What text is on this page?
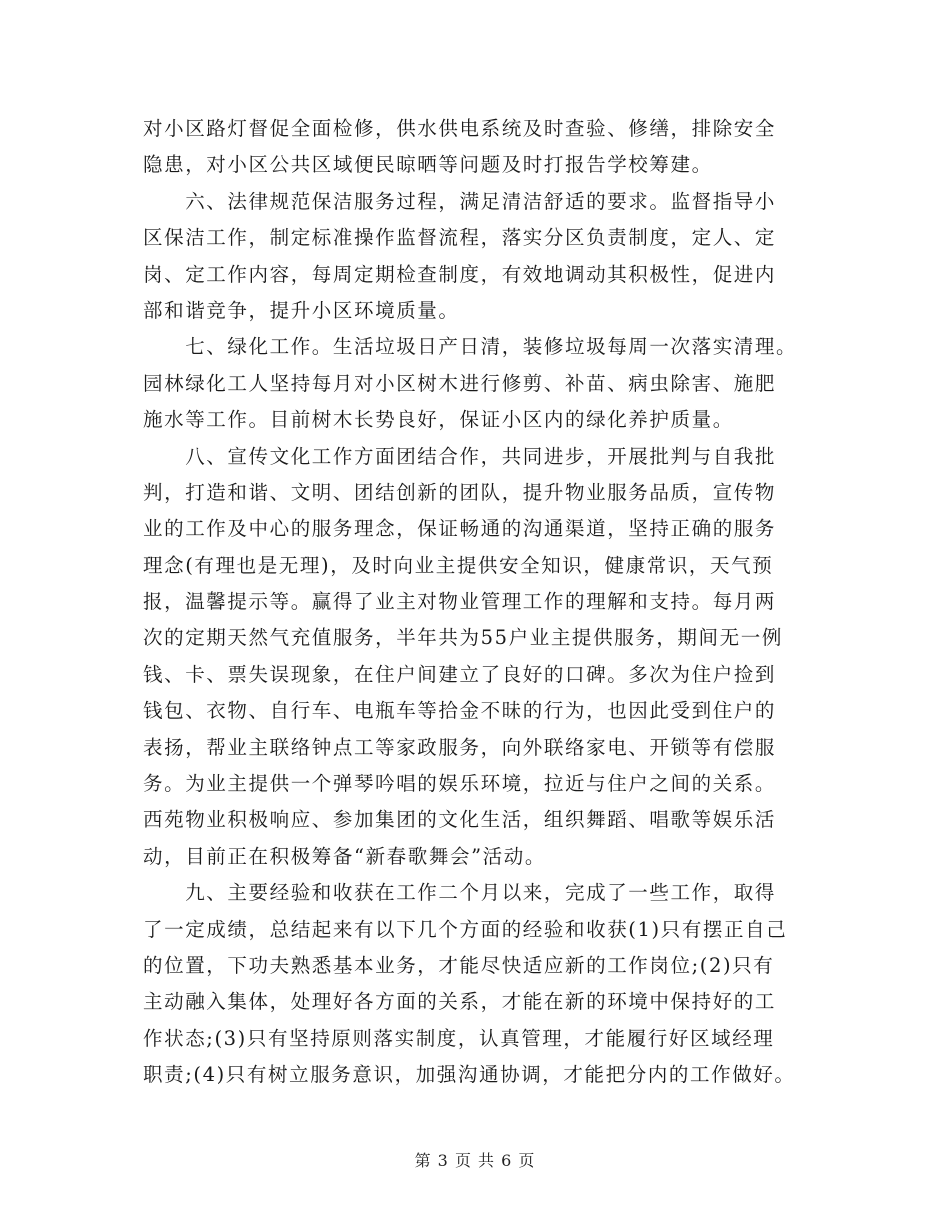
对小区路灯督促全面检修，供水供电系统及时查验、修缮，排除安全
隐患，对小区公共区域便民晾晒等问题及时打报告学校筹建。
　　六、法律规范保洁服务过程，满足清洁舒适的要求。监督指导小
区保洁工作，制定标准操作监督流程，落实分区负责制度，定人、定
岗、定工作内容，每周定期检查制度，有效地调动其积极性，促进内
部和谐竞争，提升小区环境质量。
　　七、绿化工作。生活垃圾日产日清，装修垃圾每周一次落实清理。
园林绿化工人坚持每月对小区树木进行修剪、补苗、病虫除害、施肥
施水等工作。目前树木长势良好，保证小区内的绿化养护质量。
　　八、宣传文化工作方面团结合作，共同进步，开展批判与自我批
判，打造和谐、文明、团结创新的团队，提升物业服务品质，宣传物
业的工作及中心的服务理念，保证畅通的沟通渠道，坚持正确的服务
理念(有理也是无理)，及时向业主提供安全知识，健康常识，天气预
报，温馨提示等。赢得了业主对物业管理工作的理解和支持。每月两
次的定期天然气充值服务，半年共为55户业主提供服务，期间无一例
钱、卡、票失误现象，在住户间建立了良好的口碑。多次为住户捡到
钱包、衣物、自行车、电瓶车等拾金不昧的行为，也因此受到住户的
表扬，帮业主联络钟点工等家政服务，向外联络家电、开锁等有偿服
务。为业主提供一个弹琴吟唱的娱乐环境，拉近与住户之间的关系。
西苑物业积极响应、参加集团的文化生活，组织舞蹈、唱歌等娱乐活
动，目前正在积极筹备“新春歌舞会”活动。
　　九、主要经验和收获在工作二个月以来，完成了一些工作，取得
了一定成绩，总结起来有以下几个方面的经验和收获(1)只有摆正自己
的位置，下功夫熟悉基本业务，才能尽快适应新的工作岗位;(2)只有
主动融入集体，处理好各方面的关系，才能在新的环境中保持好的工
作状态;(3)只有坚持原则落实制度，认真管理，才能履行好区域经理
职责;(4)只有树立服务意识，加强沟通协调，才能把分内的工作做好。
第 3 页 共 6 页
